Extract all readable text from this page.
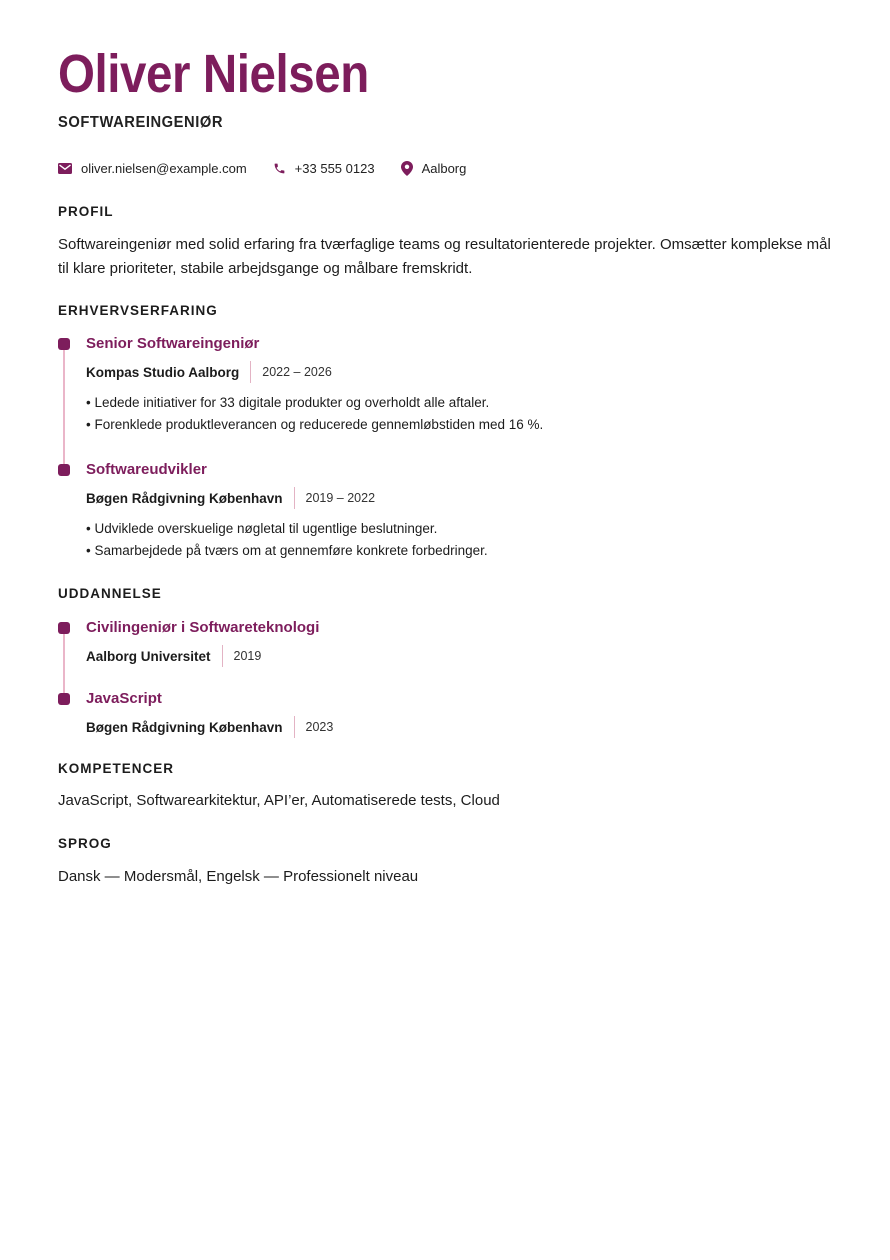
Oliver Nielsen
SOFTWAREINGENIØR
oliver.nielsen@example.com	+33 555 0123	Aalborg
PROFIL
Softwareingeniør med solid erfaring fra tværfaglige teams og resultatorienterede projekter. Omsætter komplekse mål til klare prioriteter, stabile arbejdsgange og målbare fremskridt.
ERHVERVSERFARING
Senior Softwareingeniør
Kompas Studio Aalborg 2022 – 2026
• Ledede initiativer for 33 digitale produkter og overholdt alle aftaler.
• Forenklede produktleverancen og reducerede gennemløbstiden med 16 %.
Softwareudvikler
Bøgen Rådgivning København 2019 – 2022
• Udviklede overskuelige nøgletal til ugentlige beslutninger.
• Samarbejdede på tværs om at gennemføre konkrete forbedringer.
UDDANNELSE
Civilingeniør i Softwareteknologi
Aalborg Universitet 2019
JavaScript
Bøgen Rådgivning København 2023
KOMPETENCER
JavaScript, Softwarearkitektur, API’er, Automatiserede tests, Cloud
SPROG
Dansk — Modersmål, Engelsk — Professionelt niveau
